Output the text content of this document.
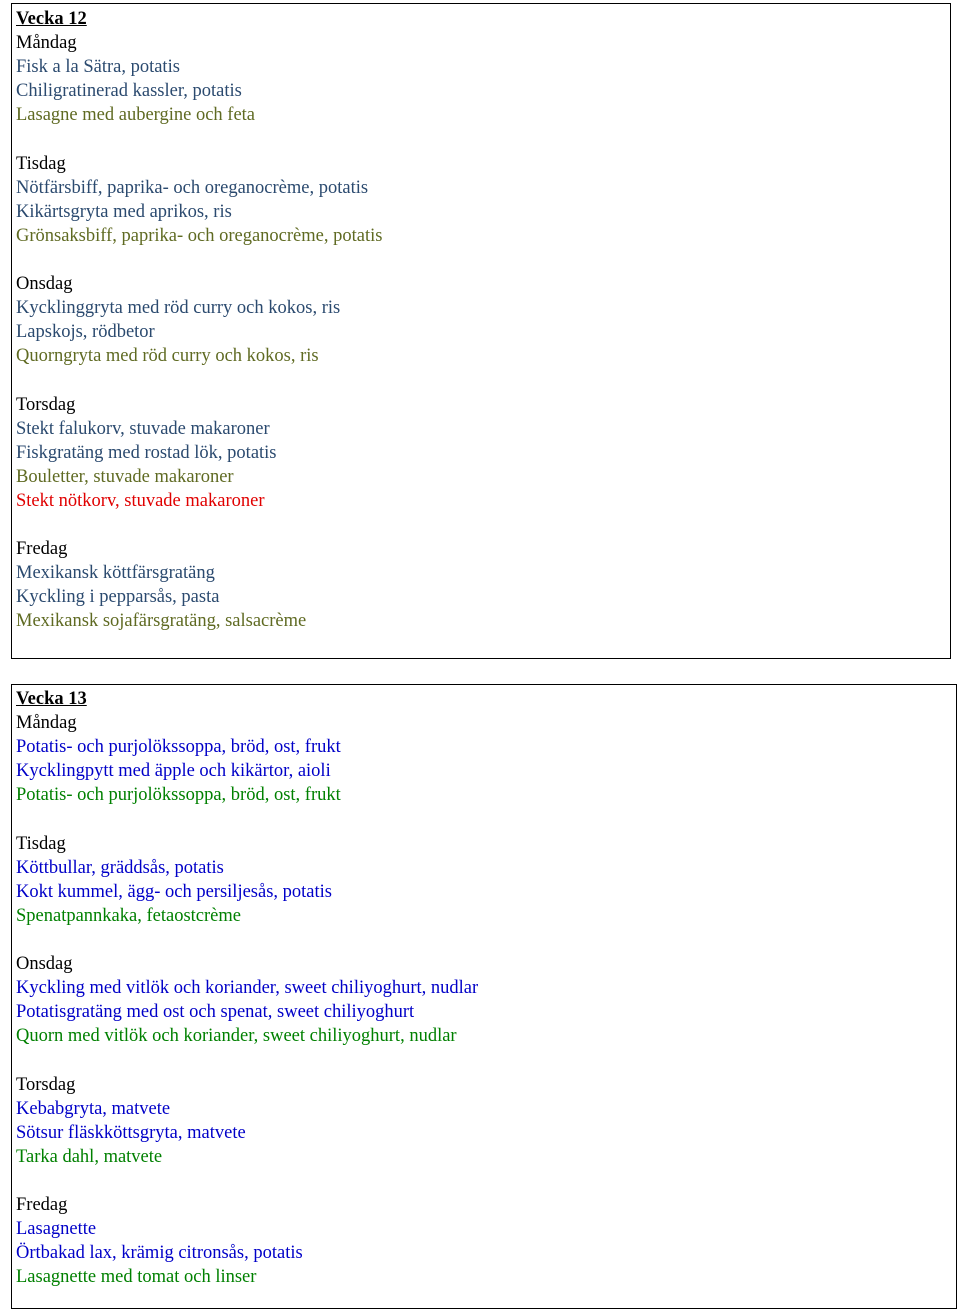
Vecka 12
Måndag
Fisk a la Sätra, potatis
Chiligratinerad kassler, potatis
Lasagne med aubergine och feta
Tisdag
Nötfärsbiff, paprika- och oreganocrème, potatis
Kikärtsgryta med aprikos, ris
Grönsaksbiff, paprika- och oreganocrème, potatis
Onsdag
Kycklinggryta med röd curry och kokos, ris
Lapskojs, rödbetor
Quorngryta med röd curry och kokos, ris
Torsdag
Stekt falukorv, stuvade makaroner
Fiskgratäng med rostad lök, potatis
Bouletter, stuvade makaroner
Stekt nötkorv, stuvade makaroner
Fredag
Mexikansk köttfärsgratäng
Kyckling i pepparsås, pasta
Mexikansk sojafärsgratäng, salsacrème
Vecka 13
Måndag
Potatis- och purjolökssoppa, bröd, ost, frukt
Kycklingpytt med äpple och kikärtor, aioli
Potatis- och purjolökssoppa, bröd, ost, frukt
Tisdag
Köttbullar, gräddsås, potatis
Kokt kummel, ägg- och persiljesås, potatis
Spenatpannkaka, fetaostcrème
Onsdag
Kyckling med vitlök och koriander, sweet chiliyoghurt, nudlar
Potatisgratäng med ost och spenat, sweet chiliyoghurt
Quorn med vitlök och koriander, sweet chiliyoghurt, nudlar
Torsdag
Kebabgryta, matvete
Sötsur fläskköttsgryta, matvete
Tarka dahl, matvete
Fredag
Lasagnette
Örtbakad lax, krämig citronsås, potatis
Lasagnette med tomat och linser
